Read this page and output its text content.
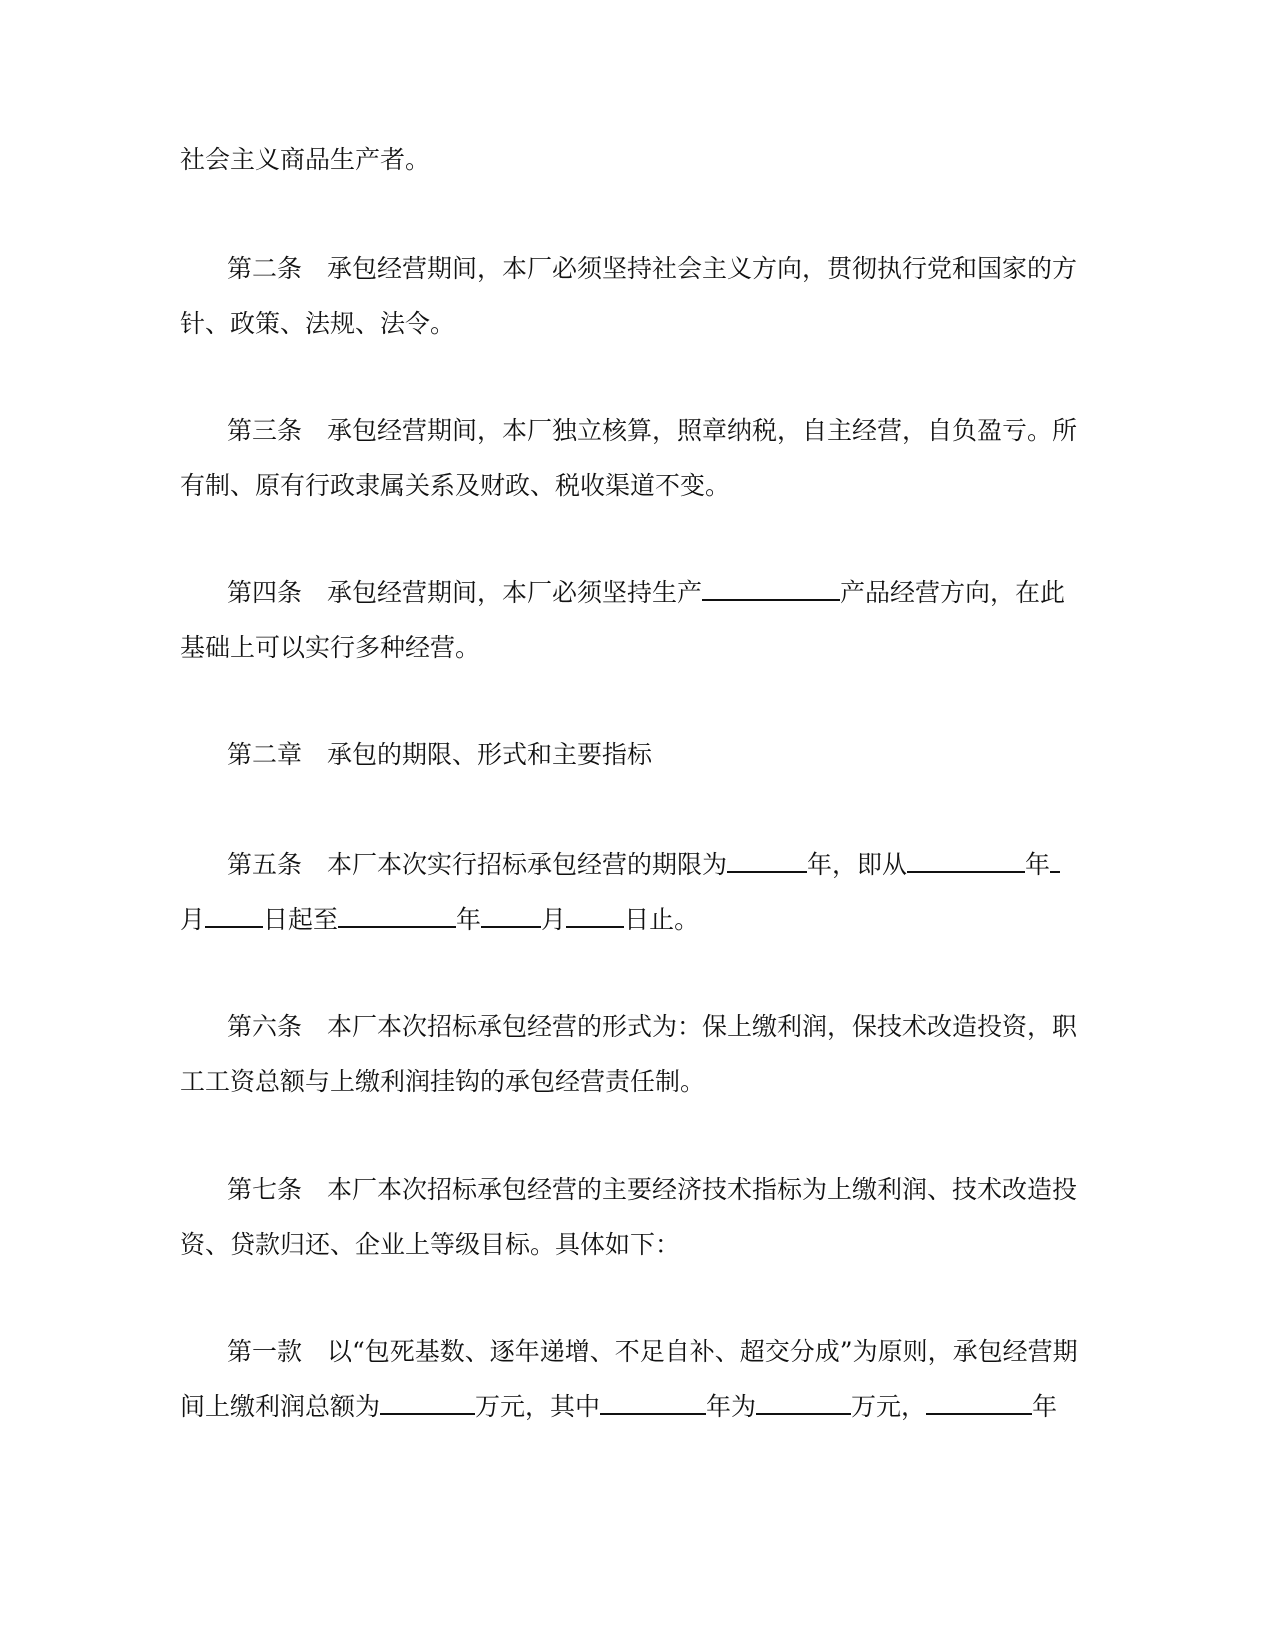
社会主义商品生产者。
第二条　承包经营期间，本厂必须坚持社会主义方向，贯彻执行党和国家的方
针、政策、法规、法令。
第三条　承包经营期间，本厂独立核算，照章纳税，自主经营，自负盈亏。所
有制、原有行政隶属关系及财政、税收渠道不变。
第四条　承包经营期间，本厂必须坚持生产	产品经营方向，在此
基础上可以实行多种经营。
第二章　承包的期限、形式和主要指标
第五条　本厂本次实行招标承包经营的期限为	年，即从	年
月 日起至	年 月 日止。
第六条　本厂本次招标承包经营的形式为：保上缴利润，保技术改造投资，职
工工资总额与上缴利润挂钩的承包经营责任制。
第七条　本厂本次招标承包经营的主要经济技术指标为上缴利润、技术改造投
资、贷款归还、企业上等级目标。具体如下：
第一款　以“包死基数、逐年递增、不足自补、超交分成”为原则，承包经营期
间上缴利润总额为	万元，其中	年为	万元，	年
